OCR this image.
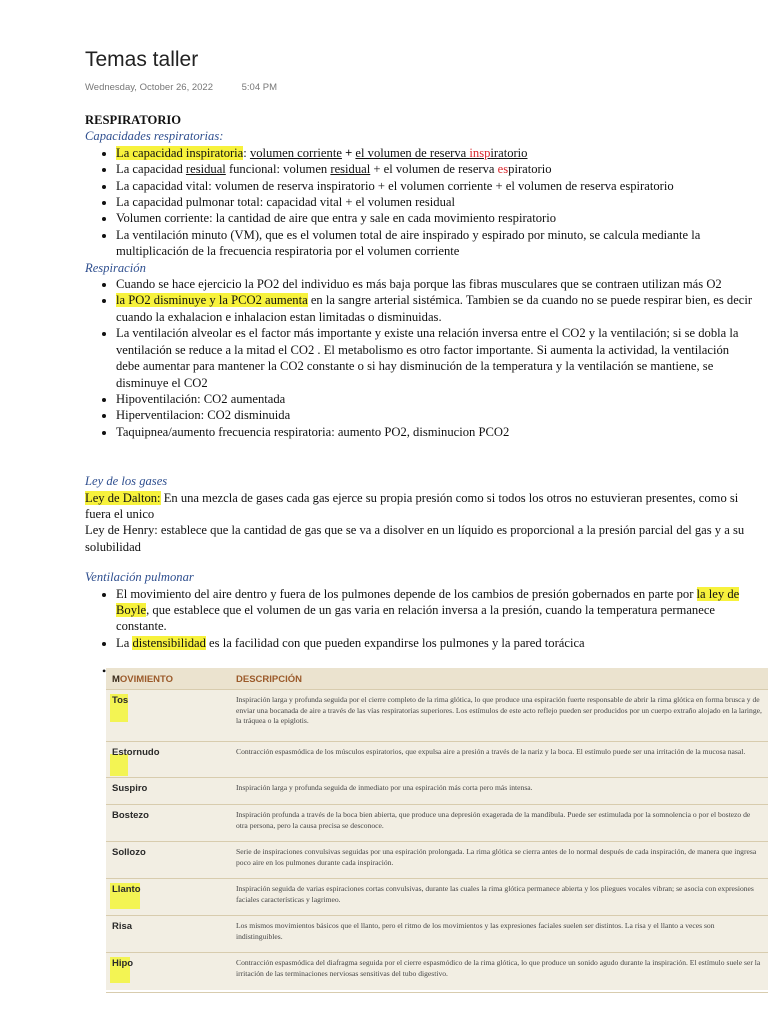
Temas taller
Wednesday, October 26, 2022	5:04 PM

RESPIRATORIO

Capacidades respiratorias:

• La capacidad inspiratoria: volumen corriente + el volumen de reserva inspiratorio
• La capacidad residual funcional: volumen residual + el volumen de reserva espiratorio
• La capacidad vital: volumen de reserva inspiratorio + el volumen corriente + el volumen de reserva espiratorio
• La capacidad pulmonar total: capacidad vital + el volumen residual
• Volumen corriente: la cantidad de aire que entra y sale en cada movimiento respiratorio
• La ventilación minuto (VM), que es el volumen total de aire inspirado y espirado por minuto, se calcula mediante la multiplicación de la frecuencia respiratoria por el volumen corriente

Respiración

• Cuando se hace ejercicio la PO2 del individuo es más baja porque las fibras musculares que se contraen utilizan más O2
• la PO2 disminuye y la PCO2 aumenta en la sangre arterial sistémica. Tambien se da cuando no se puede respirar bien, es decir cuando la exhalacion e inhalacion estan limitadas o disminuidas.
• La ventilación alveolar es el factor más importante y existe una relación inversa entre el CO2 y la ventilación; si se dobla la ventilación se reduce a la mitad el CO2 . El metabolismo es otro factor importante. Si aumenta la actividad, la ventilación debe aumentar para mantener la CO2 constante o si hay disminución de la temperatura y la ventilación se mantiene, se disminuye el CO2
• Hipoventilación: CO2 aumentada
• Hiperventilacion: CO2 disminuida
• Taquipnea/aumento frecuencia respiratoria: aumento PO2, disminucion PCO2

Ley de los gases

Ley de Dalton: En una mezcla de gases cada gas ejerce su propia presión como si todos los otros no estuvieran presentes, como si fuera el unico

Ley de Henry: establece que la cantidad de gas que se va a disolver en un líquido es proporcional a la presión parcial del gas y a su solubilidad

Ventilación pulmonar

• El movimiento del aire dentro y fuera de los pulmones depende de los cambios de presión gobernados en parte por la ley de Boyle, que establece que el volumen de un gas varia en relación inversa a la presión, cuando la temperatura permanece constante.
• La distensibilidad es la facilidad con que pueden expandirse los pulmones y la pared torácica
•
MOVIMIENTO	DESCRIPCIÓN

Tos	Inspiración larga y profunda seguida por el cierre completo de la rima glótica, lo que produce una espiración fuerte responsable de abrir la rima glótica en forma brusca y de enviar una bocanada de aire a través de las vías respiratorias superiores. Los estímulos de este acto reflejo pueden ser producidos por un cuerpo extraño alojado en la laringe, la tráquea o la epiglotis.

Estornudo	Contracción espasmódica de los músculos espiratorios, que expulsa aire a presión a través de la nariz y la boca. El estímulo puede ser una irritación de la mucosa nasal.
Suspiro	Inspiración larga y profunda seguida de inmediato por una espiración más corta pero más intensa.
Bostezo	Inspiración profunda a través de la boca bien abierta, que produce una depresión exagerada de la mandíbula. Puede ser estimulada por la somnolencia o por el bostezo de otra persona, pero la causa precisa se desconoce.
Sollozo	Serie de inspiraciones convulsivas seguidas por una espiración prolongada. La rima glótica se cierra antes de lo normal después de cada inspiración, de manera que ingresa poco aire en los pulmones durante cada inspiración.

Llanto	Inspiración seguida de varias espiraciones cortas convulsivas, durante las cuales la rima glótica permanece abierta y los pliegues vocales vibran; se asocia con expresiones faciales características y lagrimeo.
Risa	Los mismos movimientos básicos que el llanto, pero el ritmo de los movimientos y las expresiones faciales suelen ser distintos. La risa y el llanto a veces son indistinguibles.

Hipo	Contracción espasmódica del diafragma seguida por el cierre espasmódico de la rima glótica, lo que produce un sonido agudo durante la inspiración. El estímulo suele ser la irritación de las terminaciones nerviosas sensitivas del tubo digestivo.
